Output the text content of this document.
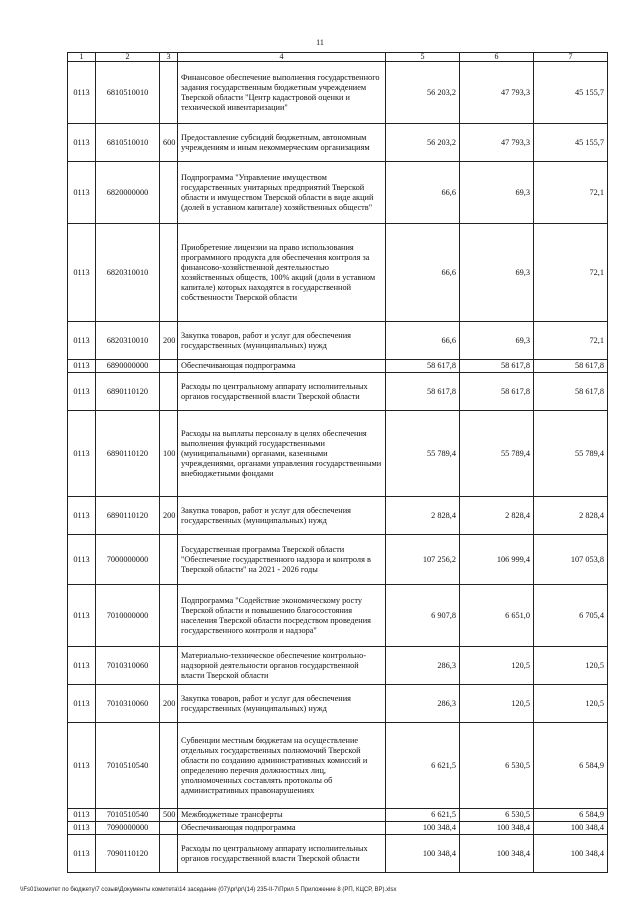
11
1	2	3	4	5	6	7
0113	6810510010		Финансовое обеспечение выполнения государственного задания государственным бюджетным учреждением Тверской области "Центр кадастровой оценки и технической инвентаризации"	56 203,2	47 793,3	45 155,7
0113	6810510010	600	Предоставление субсидий бюджетным, автономным учреждениям и иным некоммерческим организациям	56 203,2	47 793,3	45 155,7
0113	6820000000		Подпрограмма "Управление имуществом государственных унитарных предприятий Тверской области и имуществом Тверской области в виде акций (долей в уставном капитале) хозяйственных обществ"	66,6	69,3	72,1
0113	6820310010		Приобретение лицензии на право использования программного продукта для обеспечения контроля за финансово-хозяйственной деятельностью хозяйственных обществ, 100% акций (доли в уставном капитале) которых находятся в государственной собственности Тверской области	66,6	69,3	72,1
0113	6820310010	200	Закупка товаров, работ и услуг для обеспечения государственных (муниципальных) нужд	66,6	69,3	72,1
0113	6890000000		Обеспечивающая подпрограмма	58 617,8	58 617,8	58 617,8
0113	6890110120		Расходы по центральному аппарату исполнительных органов государственной власти Тверской области	58 617,8	58 617,8	58 617,8
0113	6890110120	100	Расходы на выплаты персоналу в целях обеспечения выполнения функций государственными (муниципальными) органами, казенными учреждениями, органами управления государственными внебюджетными фондами	55 789,4	55 789,4	55 789,4
0113	6890110120	200	Закупка товаров, работ и услуг для обеспечения государственных (муниципальных) нужд	2 828,4	2 828,4	2 828,4
0113	7000000000		Государственная программа Тверской области "Обеспечение государственного надзора и контроля в Тверской области" на 2021 - 2026 годы	107 256,2	106 999,4	107 053,8
0113	7010000000		Подпрограмма "Содействие экономическому росту Тверской области и повышению благосостояния населения Тверской области посредством проведения государственного контроля и надзора"	6 907,8	6 651,0	6 705,4
0113	7010310060		Материально-техническое обеспечение контрольно-надзорной деятельности органов государственной власти Тверской области	286,3	120,5	120,5
0113	7010310060	200	Закупка товаров, работ и услуг для обеспечения государственных (муниципальных) нужд	286,3	120,5	120,5
0113	7010510540		Субвенции местным бюджетам на осуществление отдельных государственных полномочий Тверской области по созданию административных комиссий и определению перечня должностных лиц, уполномоченных составлять протоколы об административных правонарушениях	6 621,5	6 530,5	6 584,9
0113	7010510540	500	Межбюджетные трансферты	6 621,5	6 530,5	6 584,9
0113	7090000000		Обеспечивающая подпрограмма	100 348,4	100 348,4	100 348,4
0113	7090110120		Расходы по центральному аппарату исполнительных органов государственной власти Тверской области	100 348,4	100 348,4	100 348,4
\\Fs01\комитет по бюджету\7 созыв\Документы комитета\14 заседание (07)\pr\pr\(14) 235-II-7\Прил 5 Приложение 8 (РП, КЦСР, ВР).xlsx
